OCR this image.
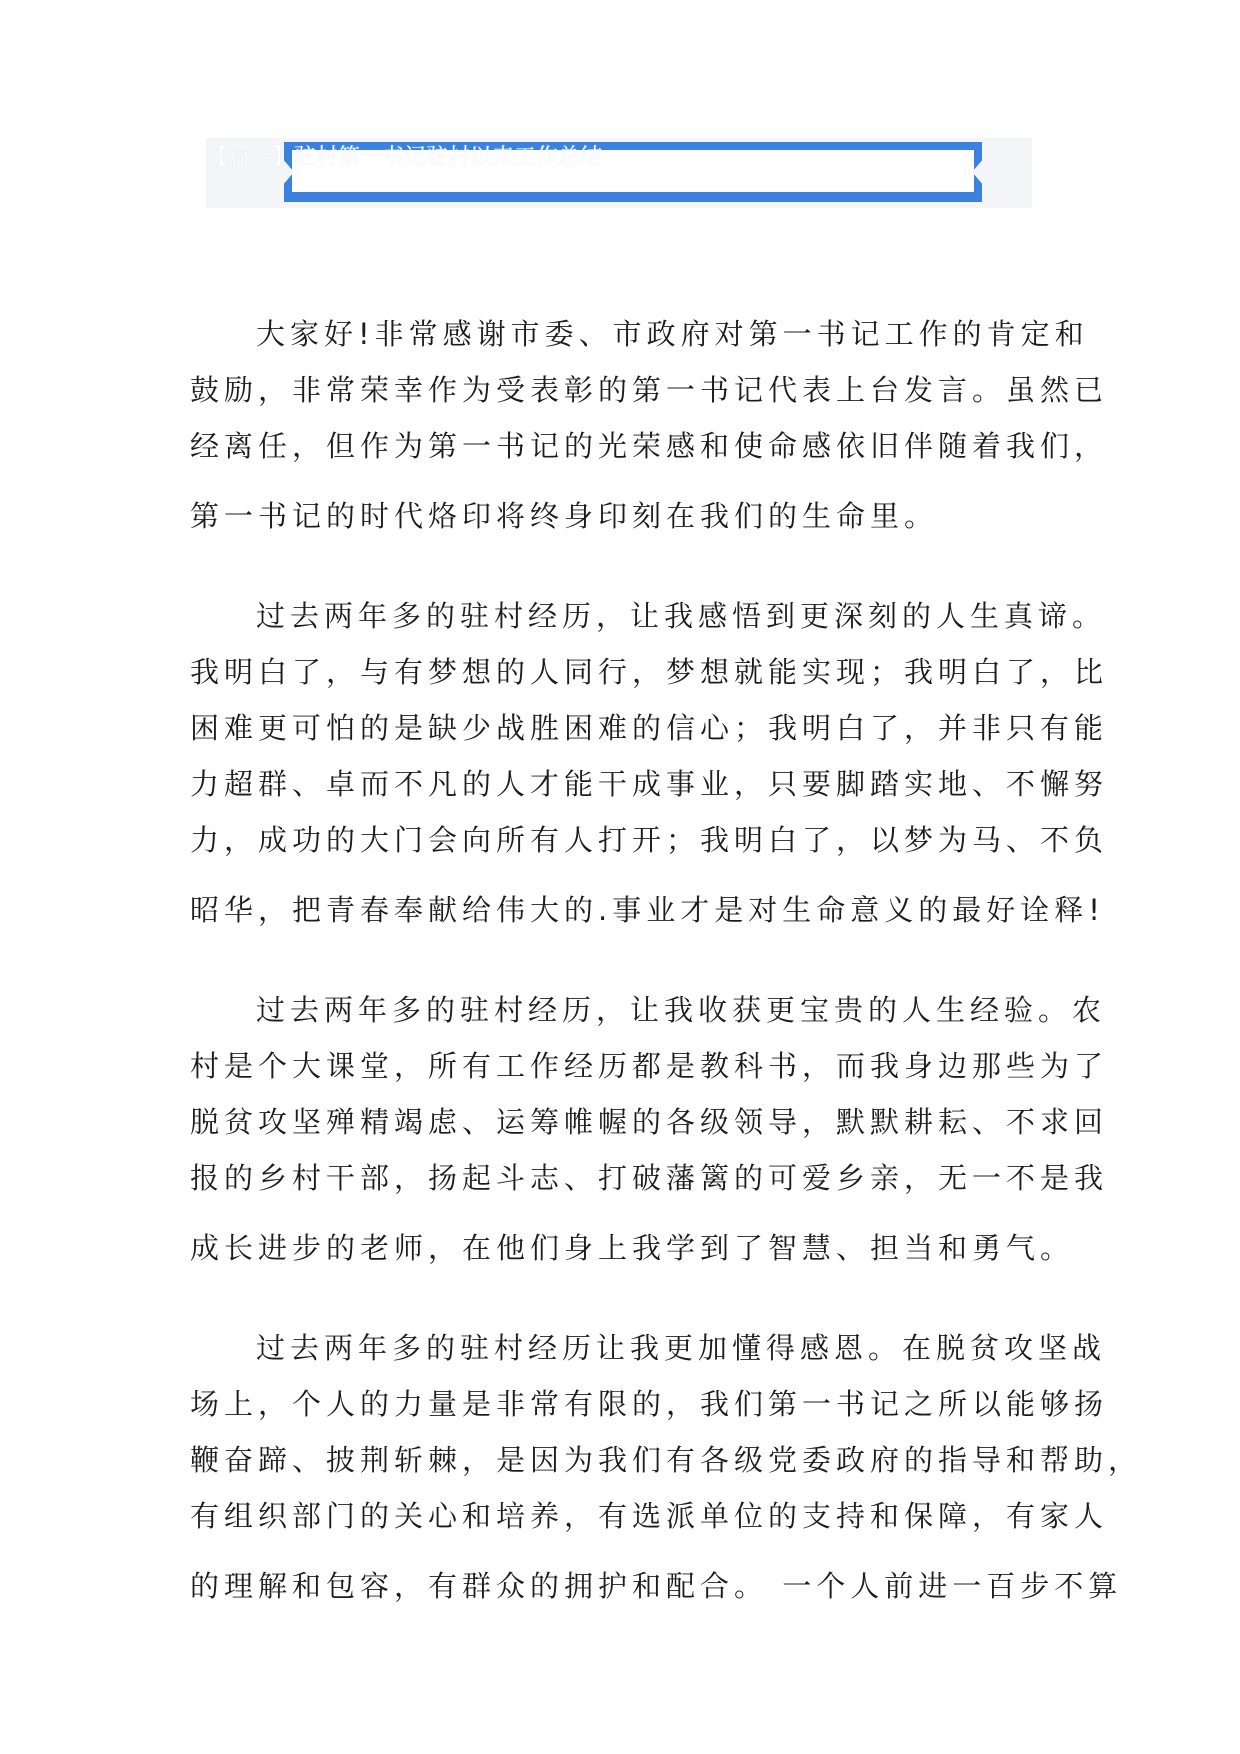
【篇一】驻村第一书记驻村以来工作总结
大家好!非常感谢市委、市政府对第一书记工作的肯定和
鼓励，非常荣幸作为受表彰的第一书记代表上台发言。虽然已
经离任，但作为第一书记的光荣感和使命感依旧伴随着我们，
第一书记的时代烙印将终身印刻在我们的生命里。
过去两年多的驻村经历，让我感悟到更深刻的人生真谛。
我明白了，与有梦想的人同行，梦想就能实现；我明白了，比
困难更可怕的是缺少战胜困难的信心；我明白了，并非只有能
力超群、卓而不凡的人才能干成事业，只要脚踏实地、不懈努
力，成功的大门会向所有人打开；我明白了，以梦为马、不负
昭华，把青春奉献给伟大的.事业才是对生命意义的最好诠释!
过去两年多的驻村经历，让我收获更宝贵的人生经验。农
村是个大课堂，所有工作经历都是教科书，而我身边那些为了
脱贫攻坚殚精竭虑、运筹帷幄的各级领导，默默耕耘、不求回
报的乡村干部，扬起斗志、打破藩篱的可爱乡亲，无一不是我
成长进步的老师，在他们身上我学到了智慧、担当和勇气。
过去两年多的驻村经历让我更加懂得感恩。在脱贫攻坚战
场上，个人的力量是非常有限的，我们第一书记之所以能够扬
鞭奋蹄、披荆斩棘，是因为我们有各级党委政府的指导和帮助，
有组织部门的关心和培养，有选派单位的支持和保障，有家人
的理解和包容，有群众的拥护和配合。 一个人前进一百步不算
